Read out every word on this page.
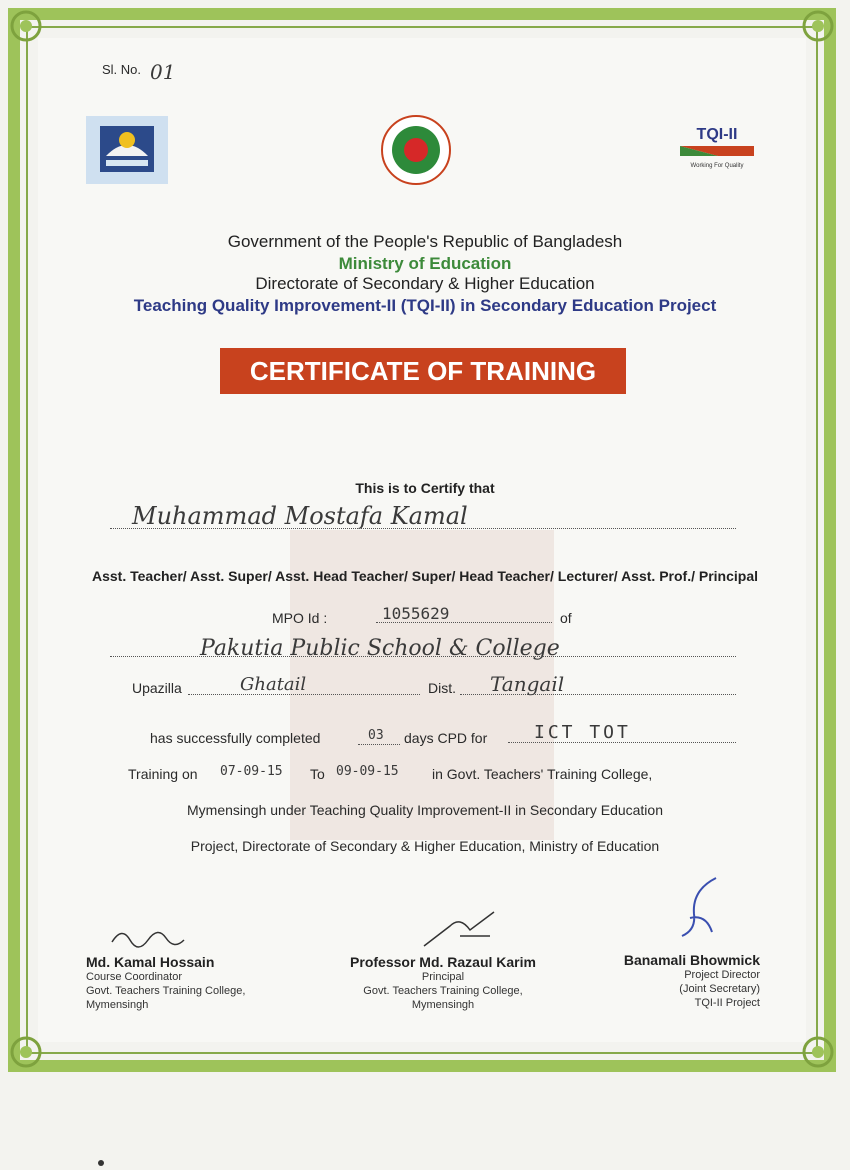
Sl. No. 01
TQI-II
Working For Quality
Government of the People's Republic of Bangladesh
Ministry of Education
Directorate of Secondary & Higher Education
Teaching Quality Improvement-II (TQI-II) in Secondary Education Project
CERTIFICATE OF TRAINING
This is to Certify that
Muhammad Mostafa Kamal
Asst. Teacher/ Asst. Super/ Asst. Head Teacher/ Super/ Head Teacher/ Lecturer/ Asst. Prof./ Principal
MPO Id :	1055629	of
Pakutia Public School & College
Upazilla	Ghatail	Dist. Tangail
has successfully completed	03 days CPD for	ICT TOT
Training on 07-09-15 To 09-09-15 in Govt. Teachers' Training College,
Mymensingh under Teaching Quality Improvement-II in Secondary Education
Project, Directorate of Secondary & Higher Education, Ministry of Education
Md. Kamal Hossain
Course Coordinator
Govt. Teachers Training College,
Mymensingh
Professor Md. Razaul Karim
Principal
Govt. Teachers Training College,
Mymensingh
Banamali Bhowmick
Project Director
(Joint Secretary)
TQI-II Project
